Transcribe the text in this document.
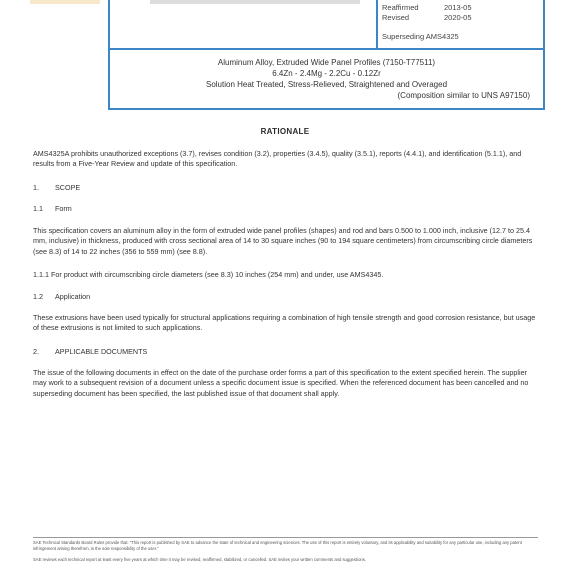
Reaffirmed	2013-05
Revised	2020-05
Superseding AMS4325
Aluminum Alloy, Extruded Wide Panel Profiles (7150-T77511)
6.4Zn - 2.4Mg - 2.2Cu - 0.12Zr
Solution Heat Treated, Stress-Relieved, Straightened and Overaged
(Composition similar to UNS A97150)
RATIONALE
AMS4325A prohibits unauthorized exceptions (3.7), revises condition (3.2), properties (3.4.5), quality (3.5.1), reports (4.4.1), and identification (5.1.1), and results from a Five-Year Review and update of this specification.
1. SCOPE
1.1 Form
This specification covers an aluminum alloy in the form of extruded wide panel profiles (shapes) and rod and bars 0.500 to 1.000 inch, inclusive (12.7 to 25.4 mm, inclusive) in thickness, produced with cross sectional area of 14 to 30 square inches (90 to 194 square centimeters) from circumscribing circle diameters (see 8.3) of 14 to 22 inches (356 to 559 mm) (see 8.8).
1.1.1 For product with circumscribing circle diameters (see 8.3) 10 inches (254 mm) and under, use AMS4345.
1.2 Application
These extrusions have been used typically for structural applications requiring a combination of high tensile strength and good corrosion resistance, but usage of these extrusions is not limited to such applications.
2. APPLICABLE DOCUMENTS
The issue of the following documents in effect on the date of the purchase order forms a part of this specification to the extent specified herein. The supplier may work to a subsequent revision of a document unless a specific document issue is specified. When the referenced document has been cancelled and no superseding document has been specified, the last published issue of that document shall apply.
SAE Technical Standards Board Rules provide that: "This report is published by SAE to advance the state of technical and engineering sciences. The use of this report is entirely voluntary, and its applicability and suitability for any particular use, including any patent infringement arising therefrom, is the sole responsibility of the user."
SAE reviews each technical report at least every five years at which time it may be revised, reaffirmed, stabilized, or cancelled. SAE invites your written comments and suggestions.
